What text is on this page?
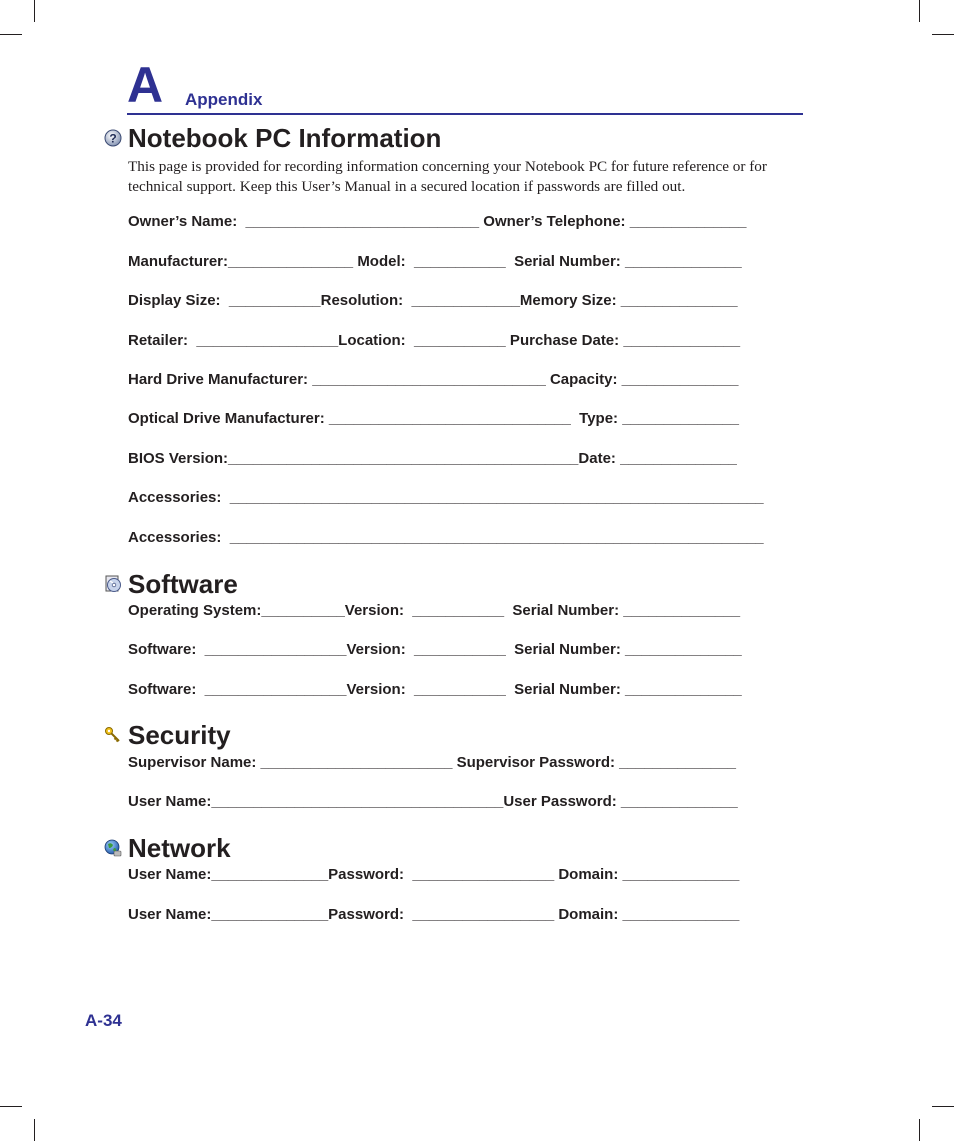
A Appendix
? Notebook PC Information

This page is provided for recording information concerning your Notebook PC for future reference or for technical support. Keep this User’s Manual in a secured location if passwords are filled out.

Owner’s Name:  ____________________________ Owner’s Telephone: ______________
Manufacturer:_______________ Model:  ___________  Serial Number: ______________
Display Size:  ___________Resolution:  _____________Memory Size: ______________
Retailer:  _________________Location:  ___________ Purchase Date: ______________
Hard Drive Manufacturer: ____________________________ Capacity: ______________
Optical Drive Manufacturer: _____________________________  Type: ______________
BIOS Version:__________________________________________Date: ______________
Accessories:  ________________________________________________________________
Accessories:  ________________________________________________________________
Software
Operating System:__________Version:  ___________  Serial Number: ______________
Software:  _________________Version:  ___________  Serial Number: ______________
Software:  _________________Version:  ___________  Serial Number: ______________
Security
Supervisor Name: _______________________ Supervisor Password: ______________
User Name:___________________________________User Password: ______________
Network
User Name:______________Password:  _________________ Domain: ______________
User Name:______________Password:  _________________ Domain: ______________
A-34
